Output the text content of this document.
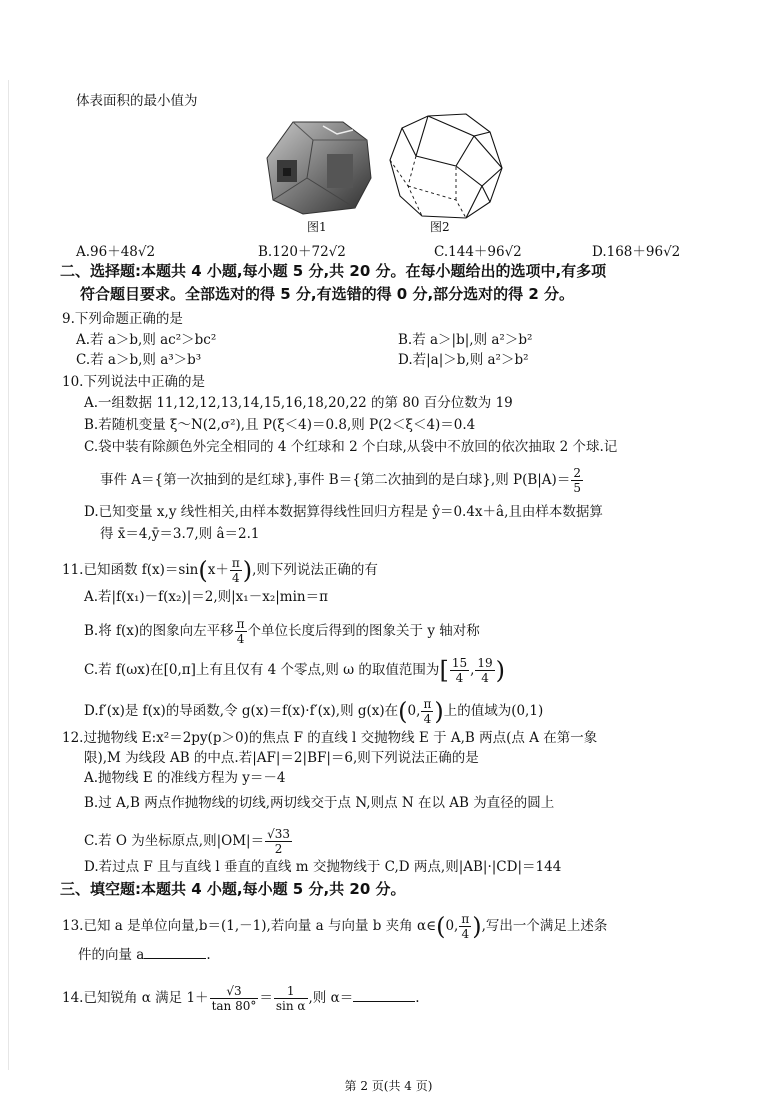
体表面积的最小值为
图1	图2
A.96＋48√2	B.120＋72√2	C.144＋96√2	D.168＋96√2
二、选择题:本题共 4 小题,每小题 5 分,共 20 分。在每小题给出的选项中,有多项
符合题目要求。全部选对的得 5 分,有选错的得 0 分,部分选对的得 2 分。
9.下列命题正确的是
A.若 a＞b,则 ac²＞bc²	B.若 a＞|b|,则 a²＞b²
C.若 a＞b,则 a³＞b³	D.若|a|＞b,则 a²＞b²
10.下列说法中正确的是
A.一组数据 11,12,12,13,14,15,16,18,20,22 的第 80 百分位数为 19
B.若随机变量 ξ～N(2,σ²),且 P(ξ＜4)＝0.8,则 P(2＜ξ＜4)＝0.4
C.袋中装有除颜色外完全相同的 4 个红球和 2 个白球,从袋中不放回的依次抽取 2 个球.记
事件 A＝{第一次抽到的是红球},事件 B＝{第二次抽到的是白球},则 $P(B|A)= \frac{2}{5}$
D.已知变量 x,y 线性相关,由样本数据算得线性回归方程是 ŷ＝0.4x＋â,且由样本数据算
得 x̄＝4,ȳ＝3.7,则 â＝2.1
11.已知函数 $f(x)=\sin(x+ \frac{\pi}{4}$ ),则下列说法正确的有
A.若|f(x₁)－f(x₂)|＝2,则|x₁－x₂|min＝π
B.将 f(x)的图象向左平移 $\frac{\pi}{4}$ 个单位长度后得到的图象关于 y 轴对称
C.若 f(ωx)在[0,π]上有且仅有 4 个零点,则 ω 的取值范围为[ $\frac{15}{4}$ , $\frac{19}{4}$ )
D.f′(x)是 f(x)的导函数,令 g(x)＝f(x)·f′(x),则 g(x)在(0, $\frac{\pi}{4}$ )上的值域为(0,1)
12.过抛物线 E:x²＝2py(p＞0)的焦点 F 的直线 l 交抛物线 E 于 A,B 两点(点 A 在第一象
限),M 为线段 AB 的中点.若|AF|＝2|BF|＝6,则下列说法正确的是
A.抛物线 E 的准线方程为 y＝－4
B.过 A,B 两点作抛物线的切线,两切线交于点 N,则点 N 在以 AB 为直径的圆上
C.若 O 为坐标原点,则$|OM|= \frac{√33}{2}$
D.若过点 F 且与直线 l 垂直的直线 m 交抛物线于 C,D 两点,则|AB|·|CD|＝144
三、填空题:本题共 4 小题,每小题 5 分,共 20 分。
13.已知 a 是单位向量,b＝(1,－1),若向量 a 与向量 b 夹角 α∈(0, $\frac{\pi}{4}$ ),写出一个满足上述条
件的向量 a	.
14.已知锐角 α 满足 $1+ \frac{√3}{\tan 80^\circ} = \frac{1}{\text{sin α}}$ ,则 α＝	.
第 2 页(共 4 页)
